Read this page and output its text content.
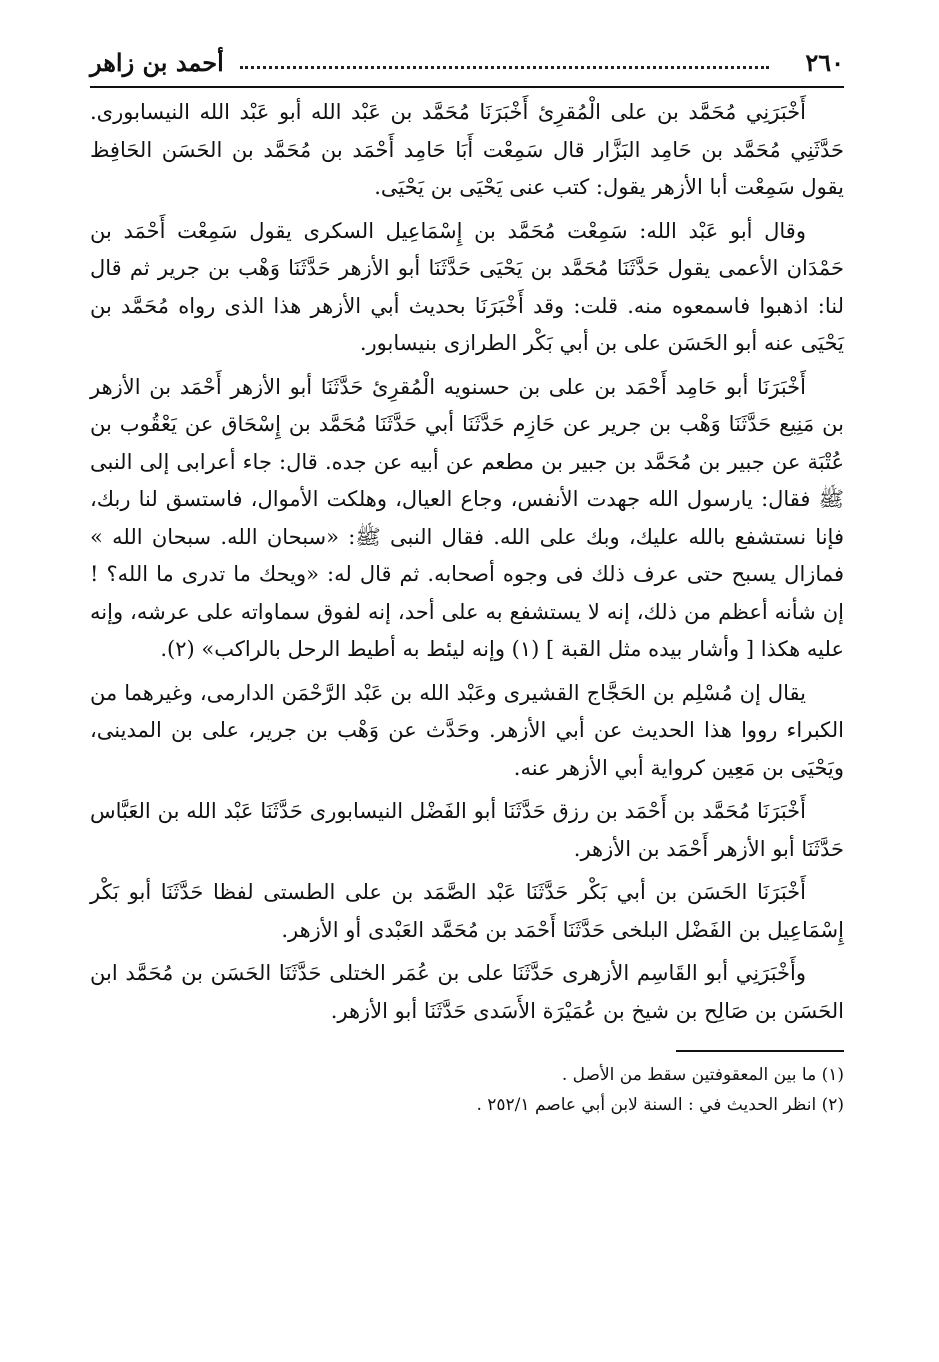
٢٦٠
أحمد بن زاهر

أَخْبَرَنِي مُحَمَّد بن على الْمُقرِئ أَخْبَرَنَا مُحَمَّد بن عَبْد الله أبو عَبْد الله النيسابورى. حَدَّثَنِي مُحَمَّد بن حَامِد البَزَّار قال سَمِعْت أَبَا حَامِد أَحْمَد بن مُحَمَّد بن الحَسَن الحَافِظ يقول سَمِعْت أبا الأزهر يقول: كتب عنى يَحْيَى بن يَحْيَى.

وقال أبو عَبْد الله: سَمِعْت مُحَمَّد بن إِسْمَاعِيل السكرى يقول سَمِعْت أَحْمَد بن حَمْدَان الأعمى يقول حَدَّثَنَا مُحَمَّد بن يَحْيَى حَدَّثَنَا أبو الأزهر حَدَّثَنَا وَهْب بن جرير ثم قال لنا: اذهبوا فاسمعوه منه. قلت: وقد أَخْبَرَنَا بحديث أبي الأزهر هذا الذى رواه مُحَمَّد بن يَحْيَى عنه أبو الحَسَن على بن أبي بَكْر الطرازى بنيسابور.

أَخْبَرَنَا أبو حَامِد أَحْمَد بن على بن حسنويه الْمُقرِئ حَدَّثَنَا أبو الأزهر أَحْمَد بن الأزهر بن مَنِيع حَدَّثَنَا وَهْب بن جرير عن حَازِم حَدَّثَنَا أبي حَدَّثَنَا مُحَمَّد بن إِسْحَاق عن يَعْقُوب بن عُتْبَة عن جبير بن مُحَمَّد بن جبير بن مطعم عن أبيه عن جده. قال: جاء أعرابى إلى النبى ﷺ فقال: يارسول الله جهدت الأنفس، وجاع العيال، وهلكت الأموال، فاستسق لنا ربك، فإنا نستشفع بالله عليك، وبك على الله. فقال النبى ﷺ: «سبحان الله. سبحان الله » فمازال يسبح حتى عرف ذلك فى وجوه أصحابه. ثم قال له: «ويحك ما تدرى ما الله؟ ! إن شأنه أعظم من ذلك، إنه لا يستشفع به على أحد، إنه لفوق سماواته على عرشه، وإنه عليه هكذا [ وأشار بيده مثل القبة ] (١) وإنه ليئط به أطيط الرحل بالراكب» (٢).

يقال إن مُسْلِم بن الحَجَّاج القشيرى وعَبْد الله بن عَبْد الرَّحْمَن الدارمى، وغيرهما من الكبراء رووا هذا الحديث عن أبي الأزهر. وحَدَّث عن وَهْب بن جرير، على بن المدينى، ويَحْيَى بن مَعِين كرواية أبي الأزهر عنه.

أَخْبَرَنَا مُحَمَّد بن أَحْمَد بن رزق حَدَّثَنَا أبو الفَضْل النيسابورى حَدَّثَنَا عَبْد الله بن العَبَّاس حَدَّثَنَا أبو الأزهر أَحْمَد بن الأزهر.

أَخْبَرَنَا الحَسَن بن أبي بَكْر حَدَّثَنَا عَبْد الصَّمَد بن على الطستى لفظا حَدَّثَنَا أبو بَكْر إِسْمَاعِيل بن الفَضْل البلخى حَدَّثَنَا أَحْمَد بن مُحَمَّد العَبْدى أو الأزهر.

وأَخْبَرَنِي أبو القَاسِم الأزهرى حَدَّثَنَا على بن عُمَر الختلى حَدَّثَنَا الحَسَن بن مُحَمَّد ابن الحَسَن بن صَالِح بن شيخ بن عُمَيْرَة الأَسَدى حَدَّثَنَا أبو الأزهر.

(١) ما بين المعقوفتين سقط من الأصل .

(٢) انظر الحديث في : السنة لابن أبي عاصم ٢٥٢/١ .
